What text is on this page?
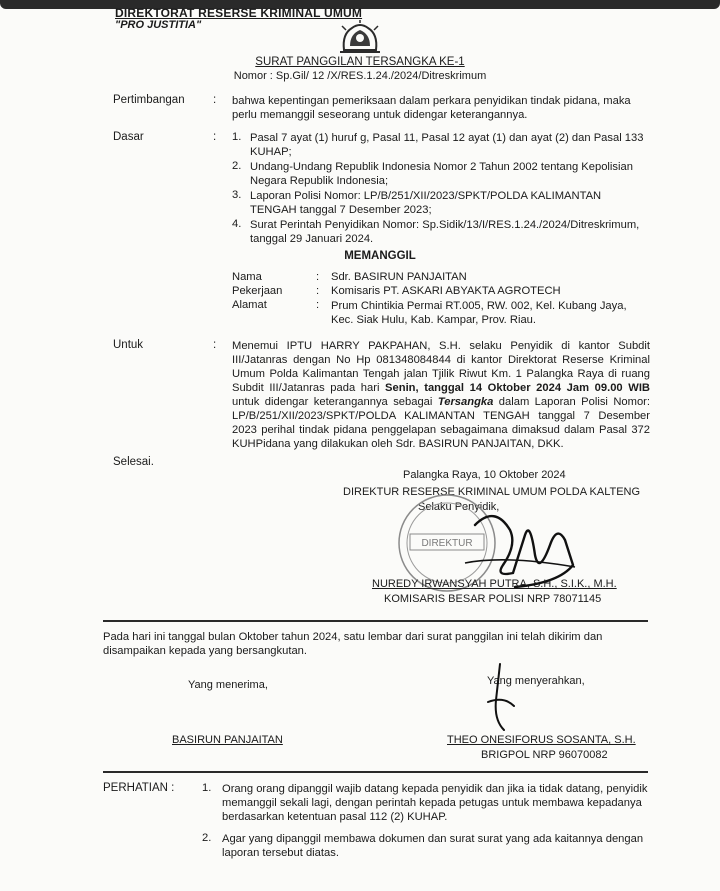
DIREKTORAT RESERSE KRIMINAL UMUM
"PRO JUSTITIA"
SURAT PANGGILAN TERSANGKA KE-1
Nomor : Sp.Gil/ 12 /X/RES.1.24./2024/Ditreskrimum
Pertimbangan : bahwa kepentingan pemeriksaan dalam perkara penyidikan tindak pidana, maka perlu memanggil seseorang untuk didengar keterangannya.
Dasar	: 1. Pasal 7 ayat (1) huruf g, Pasal 11, Pasal 12 ayat (1) dan ayat (2) dan Pasal 133 KUHAP;
2. Undang-Undang Republik Indonesia Nomor 2 Tahun 2002 tentang Kepolisian Negara Republik Indonesia;
3. Laporan Polisi Nomor: LP/B/251/XII/2023/SPKT/POLDA KALIMANTAN TENGAH tanggal 7 Desember 2023;
4. Surat Perintah Penyidikan Nomor: Sp.Sidik/13/I/RES.1.24./2024/Ditreskrimum, tanggal 29 Januari 2024.
MEMANGGIL
Nama	: Sdr. BASIRUN PANJAITAN
Pekerjaan	: Komisaris PT. ASKARI ABYAKTA AGROTECH
Alamat	: Prum Chintikia Permai RT.005, RW. 002, Kel. Kubang Jaya, Kec. Siak Hulu, Kab. Kampar, Prov. Riau.
Untuk	: Menemui IPTU HARRY PAKPAHAN, S.H. selaku Penyidik di kantor Subdit III/Jatanras dengan No Hp 081348084844 di kantor Direktorat Reserse Kriminal Umum Polda Kalimantan Tengah jalan Tjilik Riwut Km. 1 Palangka Raya di ruang Subdit III/Jatanras pada hari Senin, tanggal 14 Oktober 2024 Jam 09.00 WIB untuk didengar keterangannya sebagai Tersangka dalam Laporan Polisi Nomor: LP/B/251/XII/2023/SPKT/POLDA KALIMANTAN TENGAH tanggal 7 Desember 2023 perihal tindak pidana penggelapan sebagaimana dimaksud dalam Pasal 372 KUHPidana yang dilakukan oleh Sdr. BASIRUN PANJAITAN, DKK.
Selesai.
Palangka Raya, 10 Oktober 2024
DIREKTUR RESERSE KRIMINAL UMUM POLDA KALTENG
Selaku Penyidik,
DIREKTUR
NUREDY IRWANSYAH PUTRA, S.H., S.I.K., M.H.
KOMISARIS BESAR POLISI NRP 78071145
Pada hari ini tanggal bulan Oktober tahun 2024, satu lembar dari surat panggilan ini telah dikirim dan disampaikan kepada yang bersangkutan.
Yang menerima,	Yang menyerahkan,
BASIRUN PANJAITAN	THEO ONESIFORUS SOSANTA, S.H.
BRIGPOL NRP 96070082
PERHATIAN : 1. Orang orang dipanggil wajib datang kepada penyidik dan jika ia tidak datang, penyidik memanggil sekali lagi, dengan perintah kepada petugas untuk membawa kepadanya berdasarkan ketentuan pasal 112 (2) KUHAP.
2. Agar yang dipanggil membawa dokumen dan surat surat yang ada kaitannya dengan laporan tersebut diatas.
